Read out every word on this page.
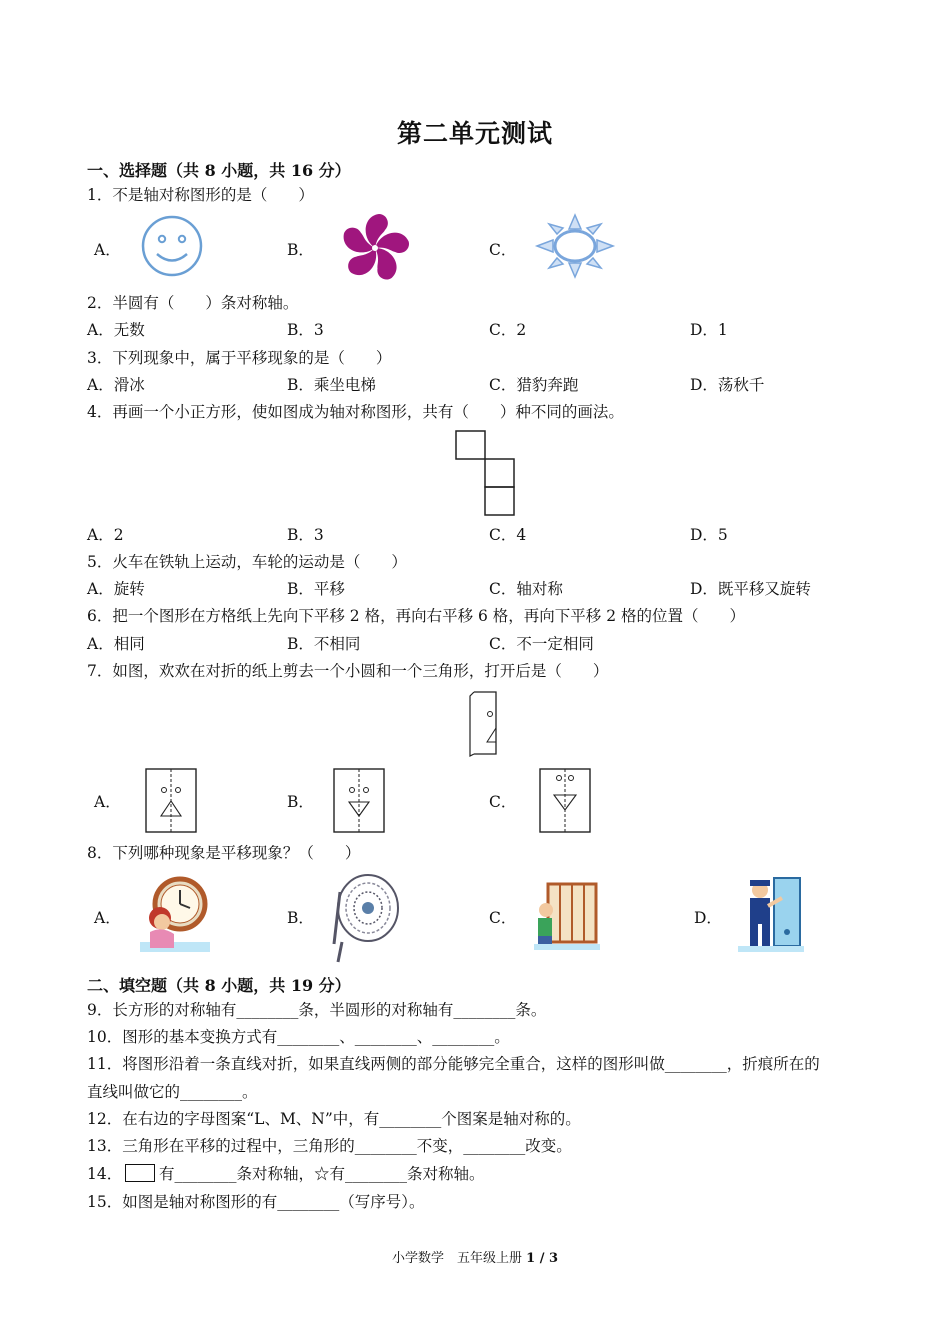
第二单元测试
一、选择题（共 8 小题，共 16 分）
1．不是轴对称图形的是（　　）
A．	B．	C．
2．半圆有（　　）条对称轴。
A．无数	B．3	C．2	D．1
3．下列现象中，属于平移现象的是（　　）
A．滑冰	B．乘坐电梯	C．猎豹奔跑	D．荡秋千
4．再画一个小正方形，使如图成为轴对称图形，共有（　　）种不同的画法。
A．2	B．3	C．4	D．5
5．火车在铁轨上运动，车轮的运动是（　　）
A．旋转	B．平移	C．轴对称	D．既平移又旋转
6．把一个图形在方格纸上先向下平移 2 格，再向右平移 6 格，再向下平移 2 格的位置（　　）
A．相同	B．不相同	C．不一定相同
7．如图，欢欢在对折的纸上剪去一个小圆和一个三角形，打开后是（　　）
A．	B．	C．
8．下列哪种现象是平移现象？（　　）
A．	B．	C．	D．
二、填空题（共 8 小题，共 19 分）
9．长方形的对称轴有________条，半圆形的对称轴有________条。
10．图形的基本变换方式有________、________、________。
11．将图形沿着一条直线对折，如果直线两侧的部分能够完全重合，这样的图形叫做________，折痕所在的
直线叫做它的________。
12．在右边的字母图案“L、M、N”中，有________个图案是轴对称的。
13．三角形在平移的过程中，三角形的________不变，________改变。
14． 有________条对称轴，☆有________条对称轴。
15．如图是轴对称图形的有________（写序号）。
小学数学　五年级上册 1 / 3
